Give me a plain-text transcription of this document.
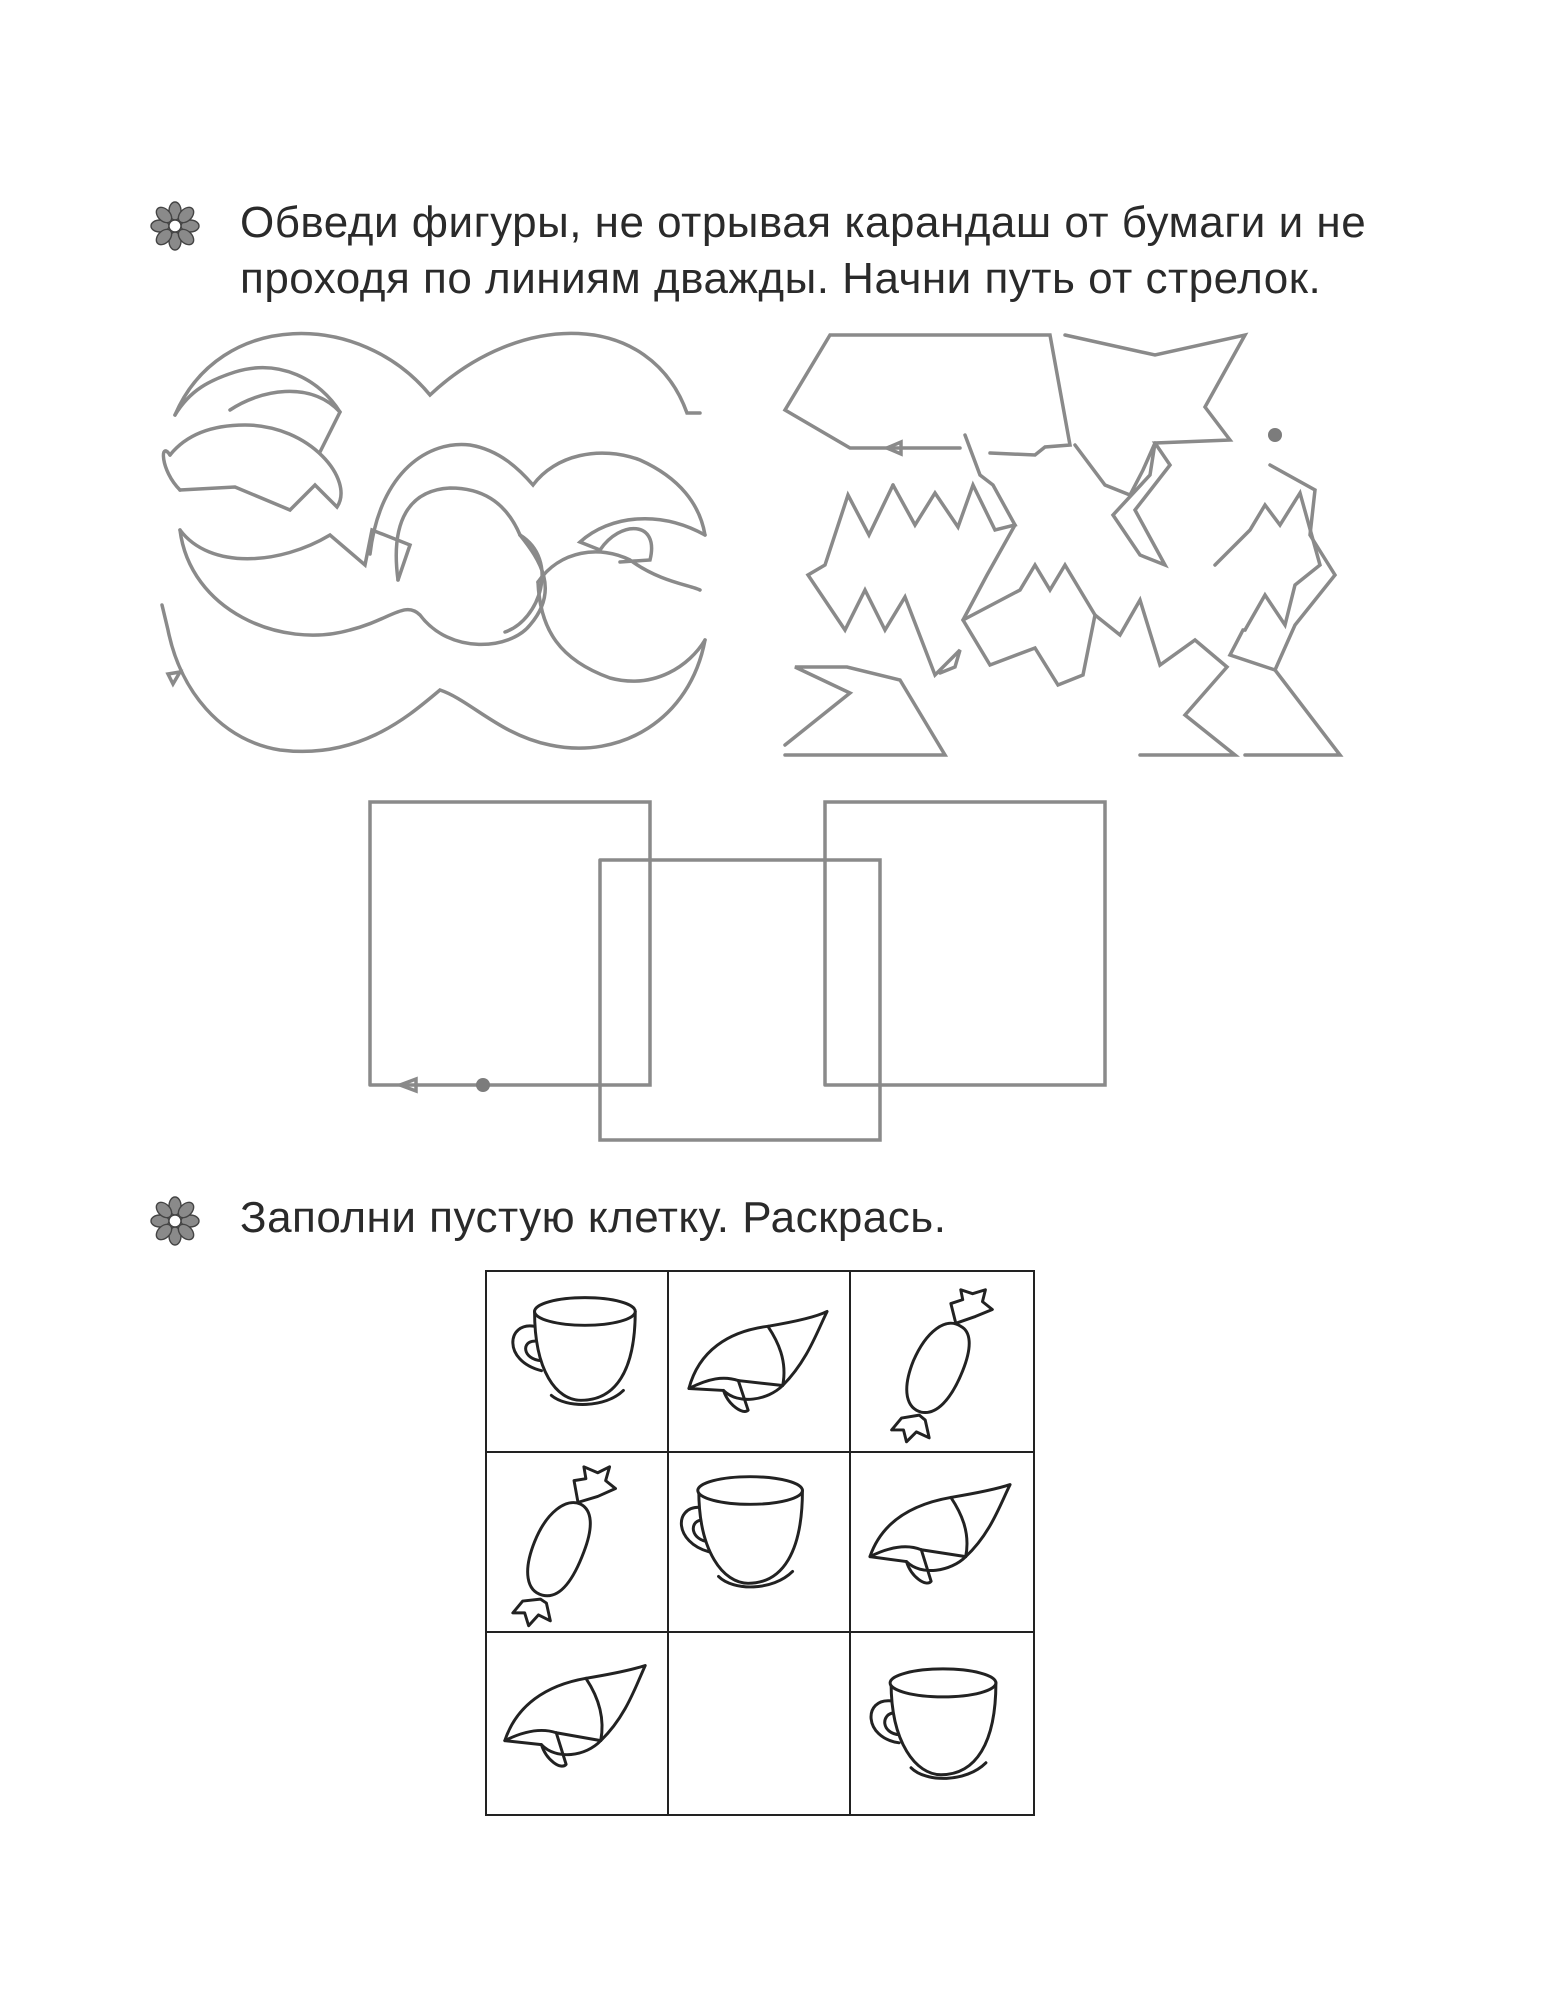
Обведи фигуры, не отрывая карандаш от бумаги и не
проходя по линиям дважды. Начни путь от стрелок.

Заполни пустую клетку. Раскрась.
